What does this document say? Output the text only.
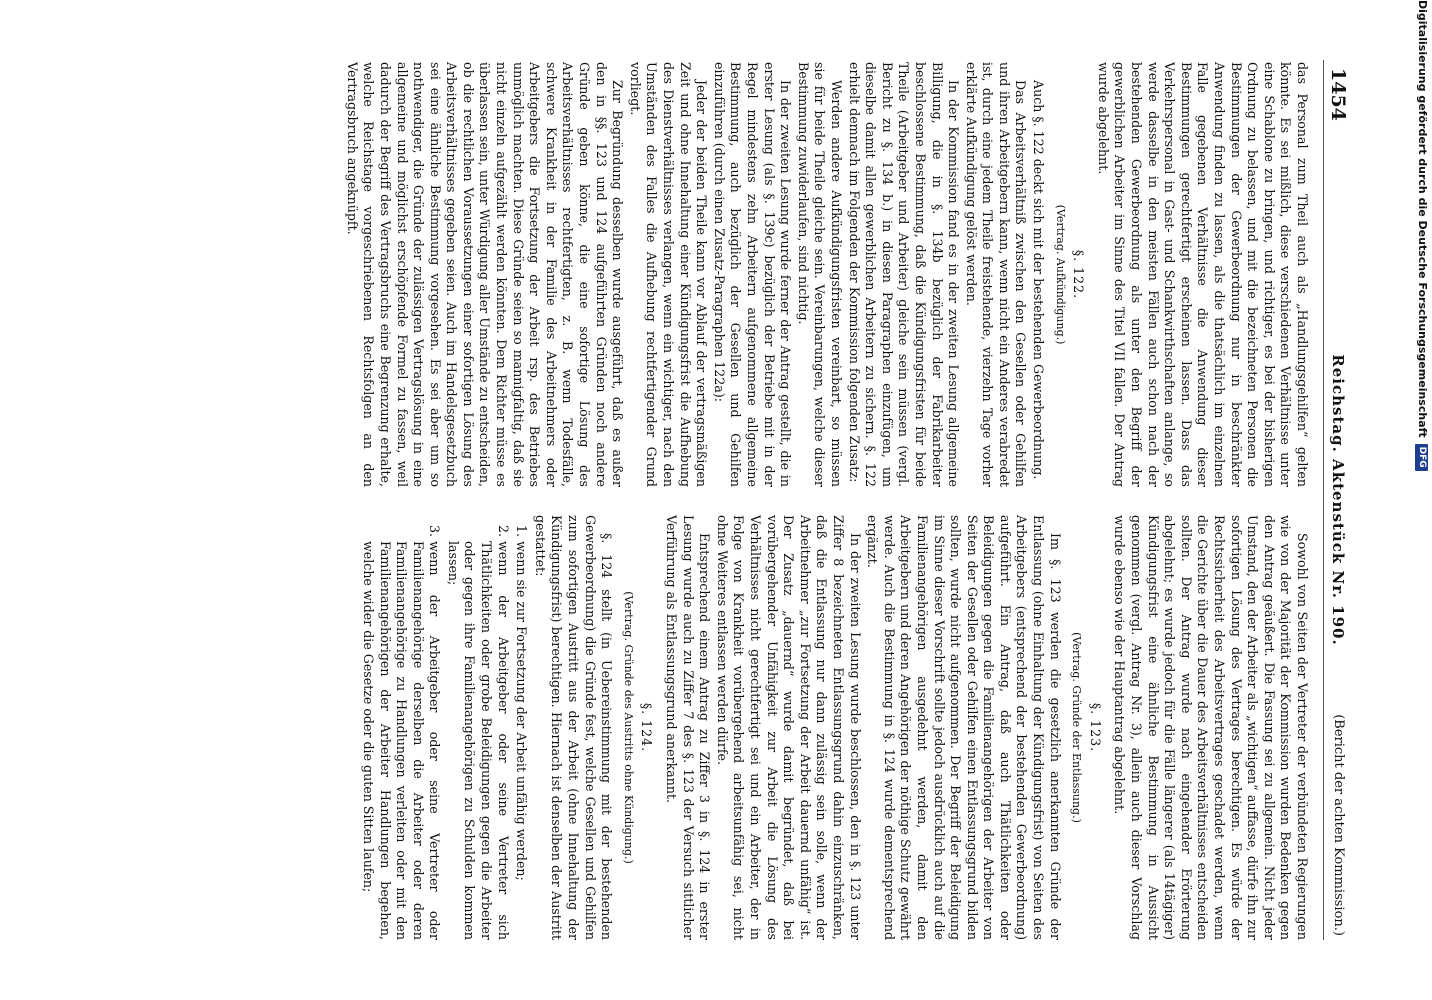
1454
Reichstag. Aktenstück Nr. 190.
(Bericht der achten Kommission.)

das Personal zum Theil auch als „Handlungsgehilfen“ gelten könnte. Es sei mißlich, diese verschiedenen Verhältnisse unter eine Schablone zu bringen, und richtiger, es bei der bisherigen Ordnung zu belassen, und mit die bezeichneten Personen die Bestimmungen der Gewerbeordnung nur in beschränkter Anwendung finden zu lassen, als die thatsächlich im einzelnen Falle gegebenen Verhältnisse die Anwendung dieser Bestimmungen gerechtfertigt erscheinen lassen. Dass das Verkehrspersonal in Gast- und Schankwirthschaften anlange, so werde dasselbe in den meisten Fällen auch schon nach der bestehenden Gewerbeordnung als unter den Begriff der gewerblichen Arbeiter im Sinne des Titel VII fallen. Der Antrag wurde abgelehnt.

§. 122.
(Vertrag. Aufkündigung.)

Auch §. 122 deckt sich mit der bestehenden Gewerbeordnung.

Das Arbeitsverhältniß zwischen den Gesellen oder Gehilfen und ihren Arbeitgebern kann, wenn nicht ein Anderes verabredet ist, durch eine jedem Theile freistehende, vierzehn Tage vorher erklärte Aufkündigung gelöst werden.

In der Kommission fand es in der zweiten Lesung allgemeine Billigung, die in §. 134b bezüglich der Fabrikarbeiter beschlossene Bestimmung, daß die Kündigungsfristen für beide Theile (Arbeitgeber und Arbeiter) gleiche sein müssen (vergl. Bericht zu §. 134 b.) in diesen Paragraphen einzufügen, um dieselbe damit allen gewerblichen Arbeitern zu sichern. §. 122 erhielt demnach im Folgenden der Kommission folgenden Zusatz:

Werden andere Aufkündigungsfristen vereinbart, so müssen sie für beide Theile gleiche sein. Vereinbarungen, welche dieser Bestimmung zuwiderlaufen, sind nichtig.

In der zweiten Lesung wurde ferner der Antrag gestellt, die in erster Lesung (als §. 139c) bezüglich der Betriebe mit in der Regel mindestens zehn Arbeitern aufgenommene allgemeine Bestimmung, auch bezüglich der Gesellen und Gehilfen einzuführen (durch einen Zusatz-Paragraphen 122a):

Jeder der beiden Theile kann vor Ablauf der vertragsmäßigen Zeit und ohne Innehaltung einer Kündigungsfrist die Aufhebung des Dienstverhältnisses verlangen, wenn ein wichtiger, nach den Umständen des Falles die Aufhebung rechtfertigender Grund vorliegt.

Zur Begründung desselben wurde ausgeführt, daß es außer den in §§. 123 und 124 aufgeführten Gründen noch andere Gründe geben könne, die eine sofortige Lösung des Arbeitsverhältnisses rechtfertigten, z. B. wenn Todesfälle, schwere Krankheit in der Familie des Arbeitnehmers oder Arbeitgebers die Fortsetzung der Arbeit rsp. des Betriebes unmöglich machten. Diese Gründe seien so mannigfaltig, daß sie nicht einzeln aufgezählt werden könnten. Dem Richter müsse es überlassen sein, unter Würdigung aller Umstände zu entscheiden, ob die rechtlichen Voraussetzungen einer sofortigen Lösung des Arbeitsverhältnisses gegeben seien. Auch im Handelsgesetzbuch sei eine ähnliche Bestimmung vorgesehen. Es sei aber um so nothwendiger, die Gründe der zulässigen Vertragslösung in eine allgemeine und möglichst erschöpfende Formel zu fassen, weil dadurch der Begriff des Vertragsbruchs eine Begrenzung erhalte, welche Reichstage vorgeschriebenen Rechtsfolgen an den Vertragsbruch angeknüpft.

Sowohl von Seiten der Vertreter der verbündeten Regierungen wie von der Majorität der Kommission wurden Bedenken gegen den Antrag geäußert. Die Fassung sei zu allgemein. Nicht jeder Umstand, den der Arbeiter als „wichtigen“ auffasse, dürfe ihn zur sofortigen Lösung des Vertrages berechtigen. Es würde der Rechtssicherheit des Arbeitsvertrages geschadet werden, wenn die Gerichte über die Dauer des Arbeitsverhältnisses entscheiden sollten. Der Antrag wurde nach eingehender Erörterung abgelehnt; es wurde jedoch für die Fälle längerer (als 14tägiger) Kündigungsfrist eine ähnliche Bestimmung in Aussicht genommen (vergl. Antrag Nr. 3), allein auch dieser Vorschlag wurde ebenso wie der Hauptantrag abgelehnt.

§. 123.
(Vertrag. Gründe der Entlassung.)

Im §. 123 werden die gesetzlich anerkannten Gründe der Entlassung (ohne Einhaltung der Kündigungsfrist) von Seiten des Arbeitgebers (entsprechend der bestehenden Gewerbeordnung) aufgeführt. Ein Antrag, daß auch Thätlichkeiten oder Beleidigungen gegen die Familienangehörigen der Arbeiter von Seiten der Gesellen oder Gehilfen einen Entlassungsgrund bilden sollten, wurde nicht aufgenommen. Der Begriff der Beleidigung im Sinne dieser Vorschrift sollte jedoch ausdrücklich auch auf die Familienangehörigen ausgedehnt werden, damit den Arbeitgebern und deren Angehörigen der nöthige Schutz gewährt werde. Auch die Bestimmung in §. 124 wurde dementsprechend ergänzt.

In der zweiten Lesung wurde beschlossen, den in §. 123 unter Ziffer 8 bezeichneten Entlassungsgrund dahin einzuschränken, daß die Entlassung nur dann zulässig sein solle, wenn der Arbeitnehmer „zur Fortsetzung der Arbeit dauernd unfähig“ ist. Der Zusatz „dauernd“ wurde damit begründet, daß bei vorübergehender Unfähigkeit zur Arbeit die Lösung des Verhältnisses nicht gerechtfertigt sei und ein Arbeiter, der in Folge von Krankheit vorübergehend arbeitsunfähig sei, nicht ohne Weiteres entlassen werden dürfe.

Entsprechend einem Antrag zu Ziffer 3 in §. 124 in erster Lesung wurde auch zu Ziffer 7 des §. 123 der Versuch sittlicher Verführung als Entlassungsgrund anerkannt.

§. 124.
(Vertrag. Gründe des Austritts ohne Kündigung.)

§. 124 stellt (in Uebereinstimmung mit der bestehenden Gewerbeordnung) die Gründe fest, welche Gesellen und Gehilfen zum sofortigen Austritt aus der Arbeit (ohne Innehaltung der Kündigungsfrist) berechtigen. Hiernach ist denselben der Austritt gestattet:

1. wenn sie zur Fortsetzung der Arbeit unfähig werden;
2. wenn der Arbeitgeber oder seine Vertreter sich Thätlichkeiten oder grobe Beleidigungen gegen die Arbeiter oder gegen ihre Familienangehörigen zu Schulden kommen lassen;
3. wenn der Arbeitgeber oder seine Vertreter oder Familienangehörige derselben die Arbeiter oder deren Familienangehörige zu Handlungen verleiten oder mit den Familienangehörigen der Arbeiter Handlungen begehen, welche wider die Gesetze oder die guten Sitten laufen;
Digitalisierung gefördert durch die Deutsche Forschungsgemeinschaft
DFG
